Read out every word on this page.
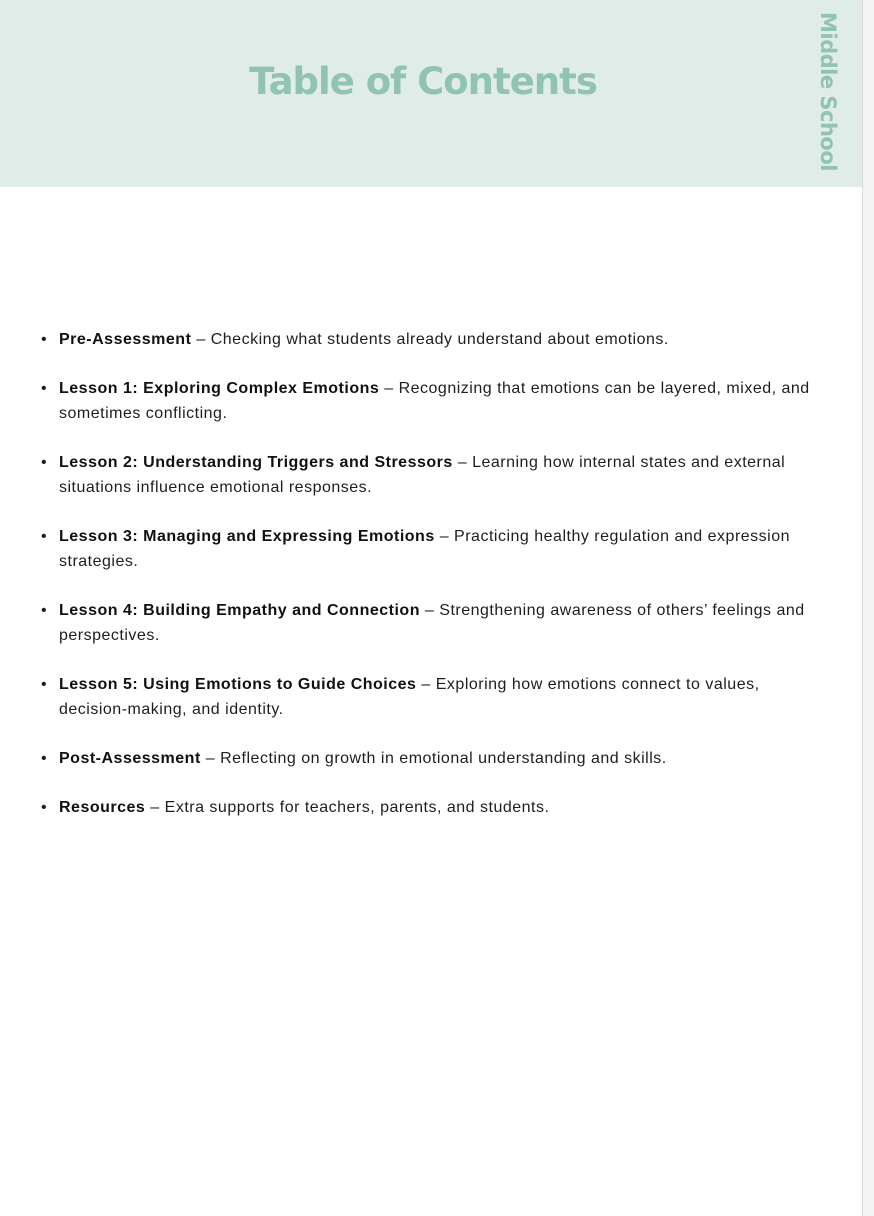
Table of Contents	Middle School
• Pre-Assessment – Checking what students already understand about emotions.
• Lesson 1: Exploring Complex Emotions – Recognizing that emotions can be layered, mixed, and sometimes conflicting.
• Lesson 2: Understanding Triggers and Stressors – Learning how internal states and external situations influence emotional responses.
• Lesson 3: Managing and Expressing Emotions – Practicing healthy regulation and expression strategies.
• Lesson 4: Building Empathy and Connection – Strengthening awareness of others’ feelings and perspectives.
• Lesson 5: Using Emotions to Guide Choices – Exploring how emotions connect to values, decision-making, and identity.
• Post-Assessment – Reflecting on growth in emotional understanding and skills.
• Resources – Extra supports for teachers, parents, and students.
